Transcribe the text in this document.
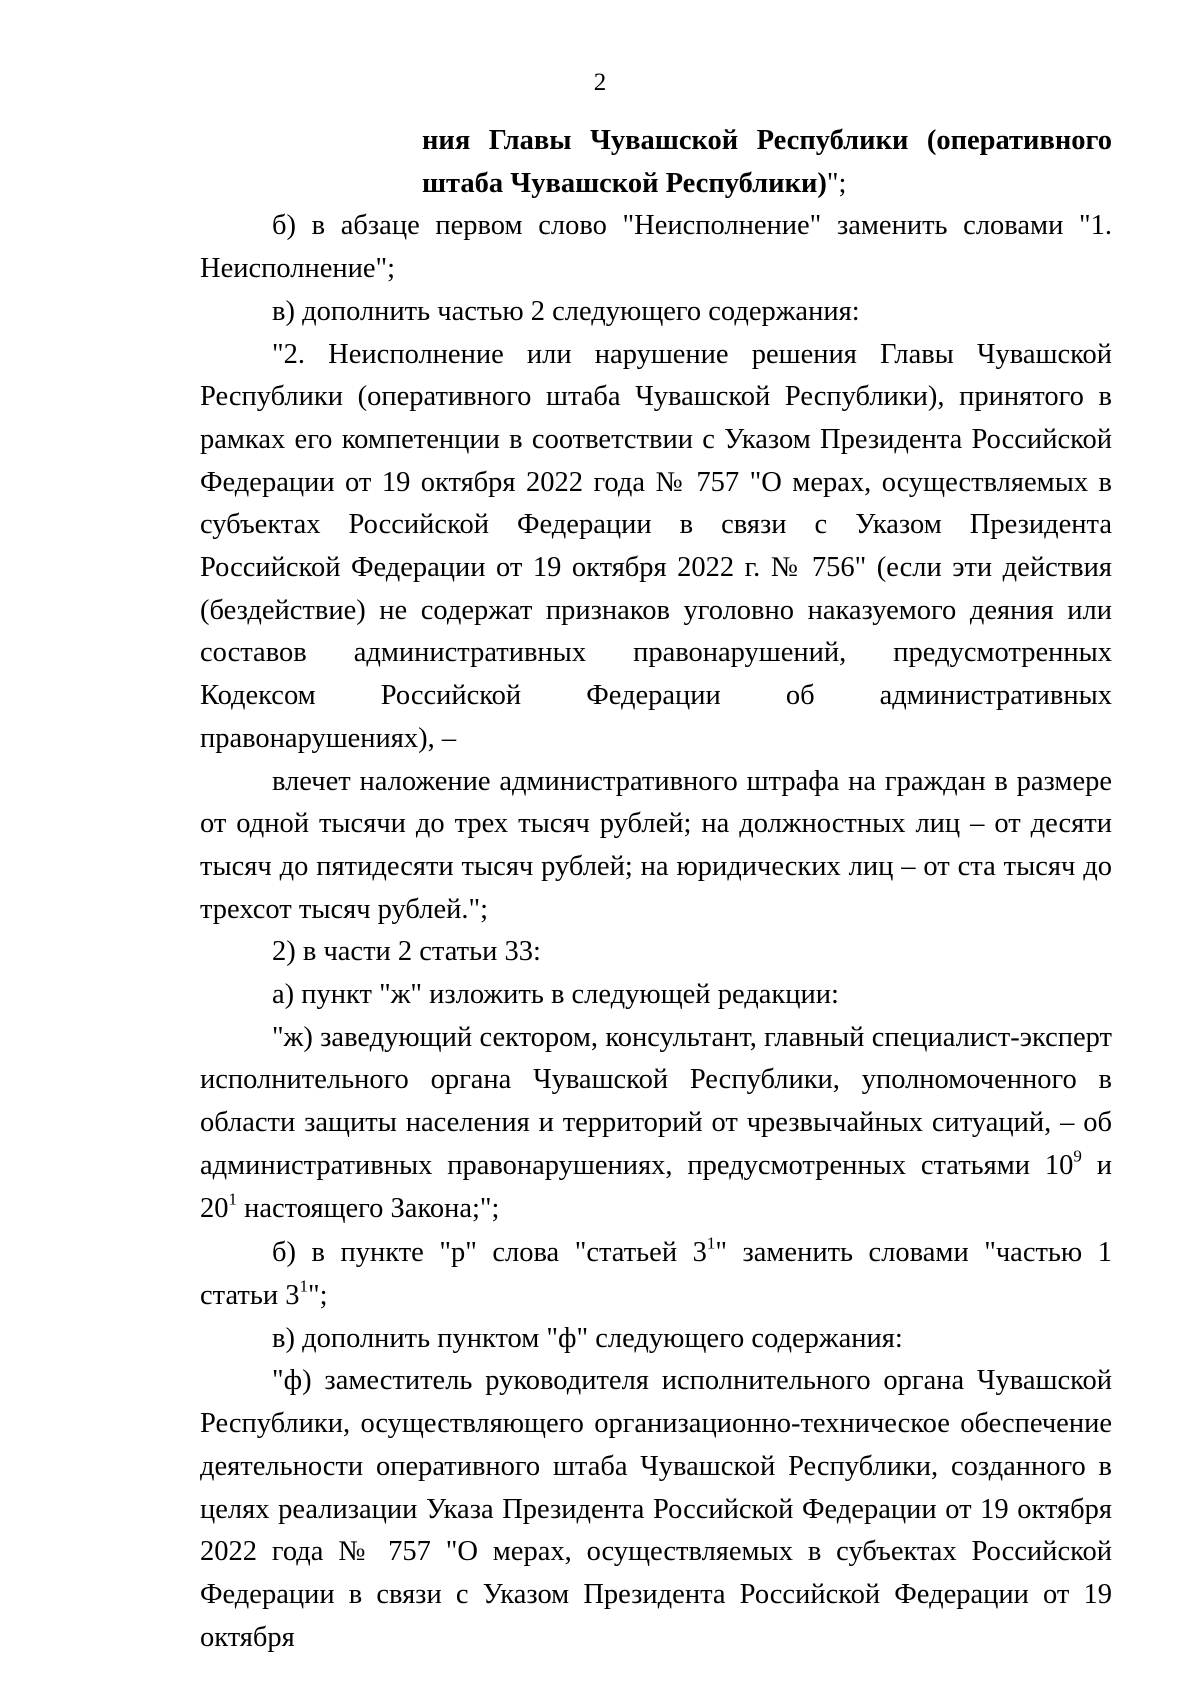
2
ния Главы Чувашской Республики (оперативного штаба Чувашской Республики)";

б) в абзаце первом слово "Неисполнение" заменить словами "1. Неисполнение";

в) дополнить частью 2 следующего содержания:

"2. Неисполнение или нарушение решения Главы Чувашской Республики (оперативного штаба Чувашской Республики), принятого в рамках его компетенции в соответствии с Указом Президента Российской Федерации от 19 октября 2022 года № 757 "О мерах, осуществляемых в субъектах Российской Федерации в связи с Указом Президента Российской Федерации от 19 октября 2022 г. № 756" (если эти действия (бездействие) не содержат признаков уголовно наказуемого деяния или составов административных правонарушений, предусмотренных Кодексом Российской Федерации об административных правонарушениях), –

влечет наложение административного штрафа на граждан в размере от одной тысячи до трех тысяч рублей; на должностных лиц – от десяти тысяч до пятидесяти тысяч рублей; на юридических лиц – от ста тысяч до трехсот тысяч рублей.";

2) в части 2 статьи 33:

а) пункт "ж" изложить в следующей редакции:

"ж) заведующий сектором, консультант, главный специалист-эксперт исполнительного органа Чувашской Республики, уполномоченного в области защиты населения и территорий от чрезвычайных ситуаций, – об административных правонарушениях, предусмотренных статьями $10^9$ и $20^1$ настоящего Закона;";

б) в пункте "р" слова "статьей $3^1$" заменить словами "частью 1 статьи $3^1$";

в) дополнить пунктом "ф" следующего содержания:

"ф) заместитель руководителя исполнительного органа Чувашской Республики, осуществляющего организационно-техническое обеспечение деятельности оперативного штаба Чувашской Республики, созданного в целях реализации Указа Президента Российской Федерации от 19 октября 2022 года № 757 "О мерах, осуществляемых в субъектах Российской Федерации в связи с Указом Президента Российской Федерации от 19 октября
